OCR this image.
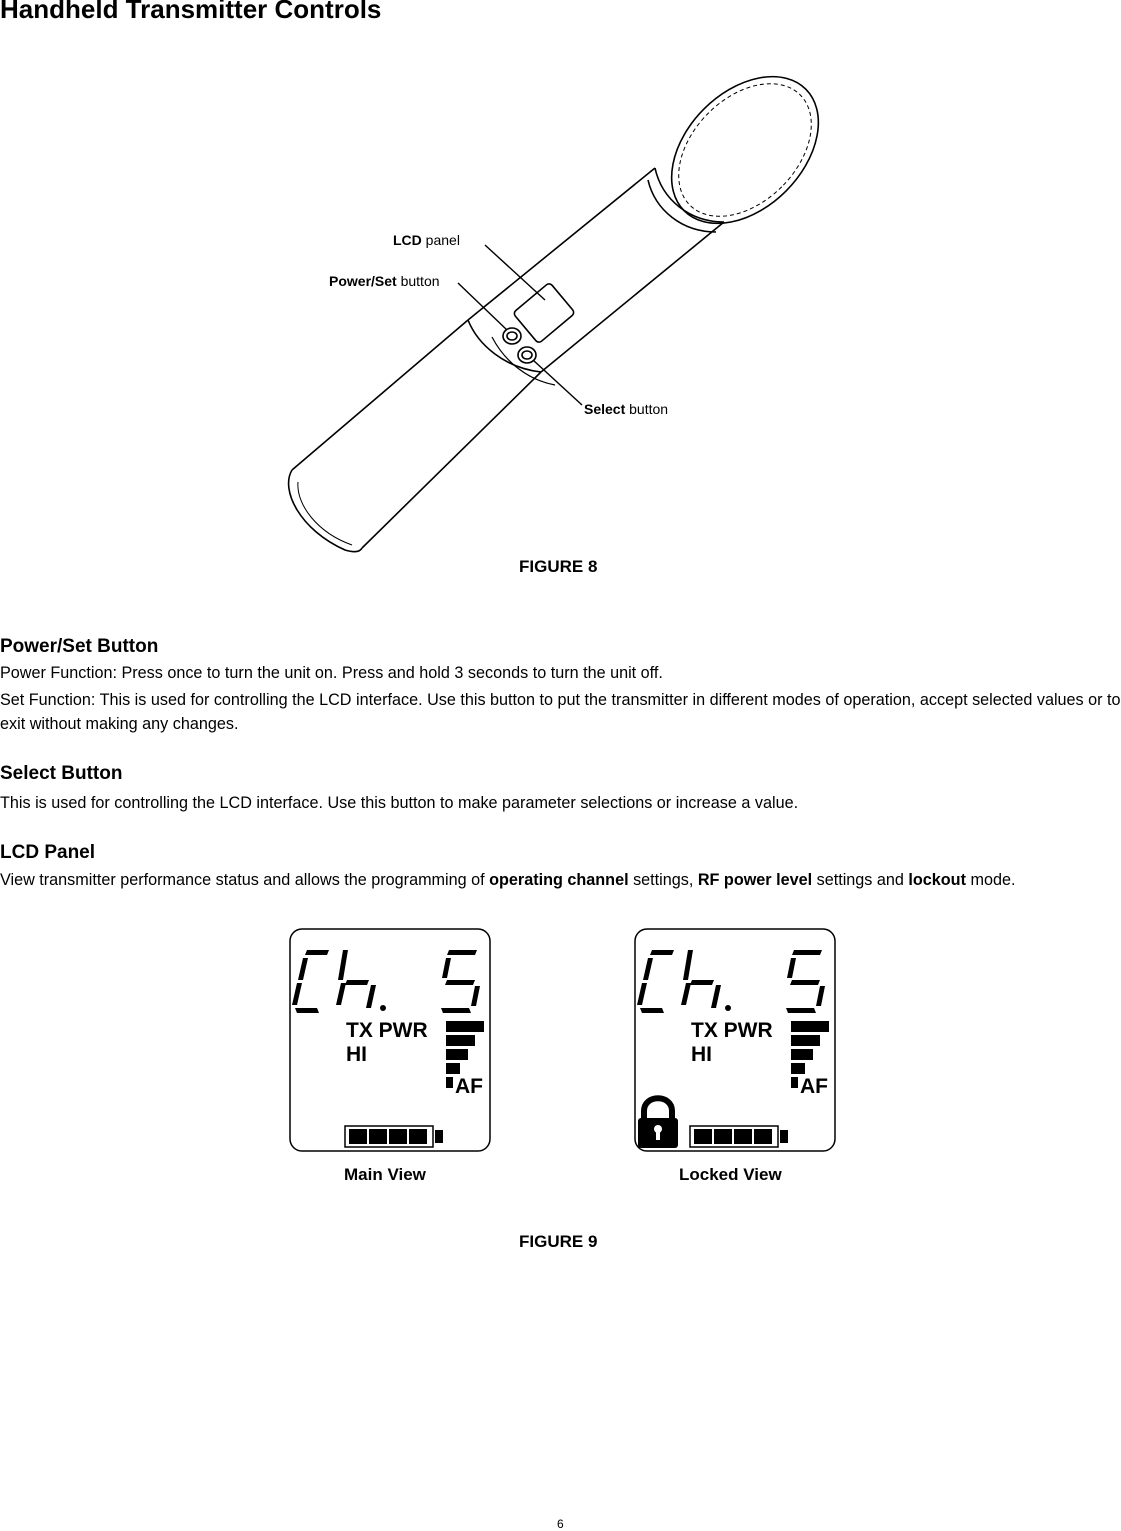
Handheld Transmitter Controls
LCD panel
Power/Set button
Select button
FIGURE 8
Power/Set Button

Power Function: Press once to turn the unit on. Press and hold 3 seconds to turn the unit off.

Set Function: This is used for controlling the LCD interface. Use this button to put the transmitter in different modes of operation, accept selected values or to exit without making any changes.

Select Button

This is used for controlling the LCD interface. Use this button to make parameter selections or increase a value.

LCD Panel

View transmitter performance status and allows the programming of operating channel settings, RF power level settings and lockout mode.

TX PWR
HI
AF
Main View
TX PWR
HI
AF
Locked View
FIGURE 9
6
